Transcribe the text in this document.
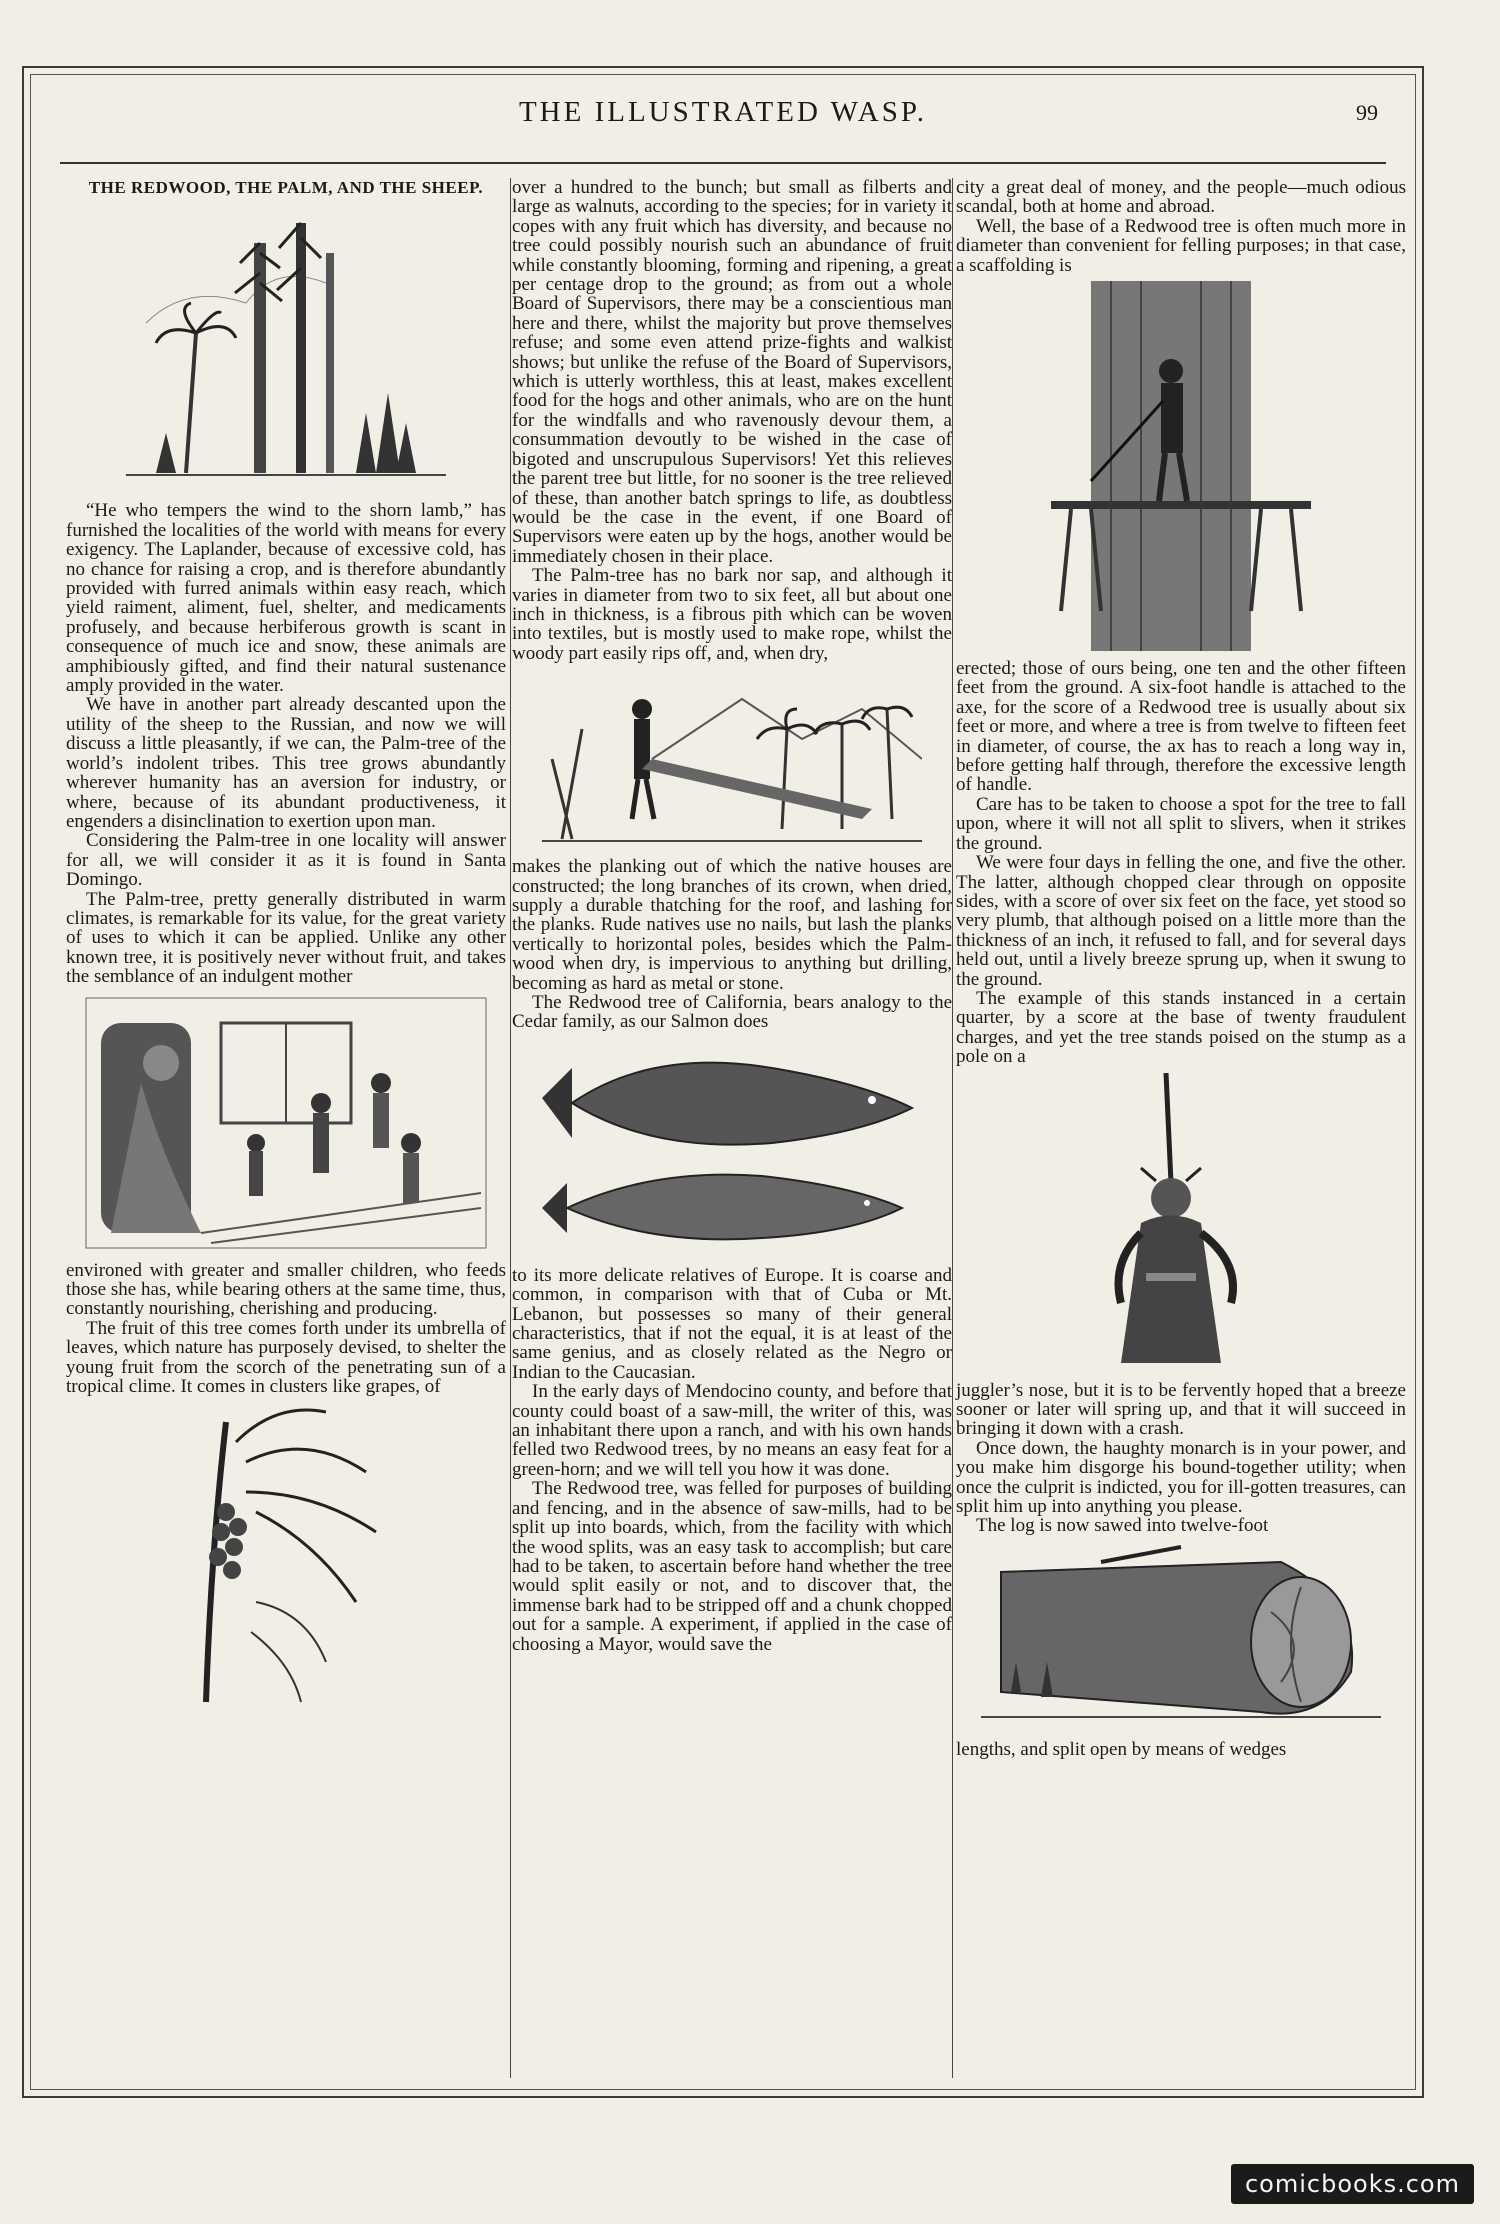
THE ILLUSTRATED WASP.	99
THE REDWOOD, THE PALM, AND THE SHEEP.

“He who tempers the wind to the shorn lamb,” has furnished the localities of the world with means for every exigency. The Laplander, because of excessive cold, has no chance for raising a crop, and is therefore abundantly provided with furred animals within easy reach, which yield raiment, aliment, fuel, shelter, and medicaments profusely, and because herbiferous growth is scant in consequence of much ice and snow, these animals are amphibiously gifted, and find their natural sustenance amply provided in the water.

We have in another part already descanted upon the utility of the sheep to the Russian, and now we will discuss a little pleasantly, if we can, the Palm-tree of the world’s indolent tribes. This tree grows abundantly wherever humanity has an aversion for industry, or where, because of its abundant productiveness, it engenders a disinclination to exertion upon man.

Considering the Palm-tree in one locality will answer for all, we will consider it as it is found in Santa Domingo.

The Palm-tree, pretty generally distributed in warm climates, is remarkable for its value, for the great variety of uses to which it can be applied. Unlike any other known tree, it is positively never without fruit, and takes the semblance of an indulgent mother

environed with greater and smaller children, who feeds those she has, while bearing others at the same time, thus, constantly nourishing, cherishing and producing.

The fruit of this tree comes forth under its umbrella of leaves, which nature has purposely devised, to shelter the young fruit from the scorch of the penetrating sun of a tropical clime. It comes in clusters like grapes, of

over a hundred to the bunch; but small as filberts and large as walnuts, according to the species; for in variety it copes with any fruit which has diversity, and because no tree could possibly nourish such an abundance of fruit while constantly blooming, forming and ripening, a great per centage drop to the ground; as from out a whole Board of Supervisors, there may be a conscientious man here and there, whilst the majority but prove themselves refuse; and some even attend prize-fights and walkist shows; but unlike the refuse of the Board of Supervisors, which is utterly worthless, this at least, makes excellent food for the hogs and other animals, who are on the hunt for the windfalls and who ravenously devour them, a consummation devoutly to be wished in the case of bigoted and unscrupulous Supervisors! Yet this relieves the parent tree but little, for no sooner is the tree relieved of these, than another batch springs to life, as doubtless would be the case in the event, if one Board of Supervisors were eaten up by the hogs, another would be immediately chosen in their place.

The Palm-tree has no bark nor sap, and although it varies in diameter from two to six feet, all but about one inch in thickness, is a fibrous pith which can be woven into textiles, but is mostly used to make rope, whilst the woody part easily rips off, and, when dry,

makes the planking out of which the native houses are constructed; the long branches of its crown, when dried, supply a durable thatching for the roof, and lashing for the planks. Rude natives use no nails, but lash the planks vertically to horizontal poles, besides which the Palm-wood when dry, is impervious to anything but drilling, becoming as hard as metal or stone.

The Redwood tree of California, bears analogy to the Cedar family, as our Salmon does

to its more delicate relatives of Europe. It is coarse and common, in comparison with that of Cuba or Mt. Lebanon, but possesses so many of their general characteristics, that if not the equal, it is at least of the same genius, and as closely related as the Negro or Indian to the Caucasian.

In the early days of Mendocino county, and before that county could boast of a saw-mill, the writer of this, was an inhabitant there upon a ranch, and with his own hands felled two Redwood trees, by no means an easy feat for a green-horn; and we will tell you how it was done.

The Redwood tree, was felled for purposes of building and fencing, and in the absence of saw-mills, had to be split up into boards, which, from the facility with which the wood splits, was an easy task to accomplish; but care had to be taken, to ascertain before hand whether the tree would split easily or not, and to discover that, the immense bark had to be stripped off and a chunk chopped out for a sample. A experiment, if applied in the case of choosing a Mayor, would save the

city a great deal of money, and the people—much odious scandal, both at home and abroad.

Well, the base of a Redwood tree is often much more in diameter than convenient for felling purposes; in that case, a scaffolding is

erected; those of ours being, one ten and the other fifteen feet from the ground. A six-foot handle is attached to the axe, for the score of a Redwood tree is usually about six feet or more, and where a tree is from twelve to fifteen feet in diameter, of course, the ax has to reach a long way in, before getting half through, therefore the excessive length of handle.

Care has to be taken to choose a spot for the tree to fall upon, where it will not all split to slivers, when it strikes the ground.

We were four days in felling the one, and five the other. The latter, although chopped clear through on opposite sides, with a score of over six feet on the face, yet stood so very plumb, that although poised on a little more than the thickness of an inch, it refused to fall, and for several days held out, until a lively breeze sprung up, when it swung to the ground.

The example of this stands instanced in a certain quarter, by a score at the base of twenty fraudulent charges, and yet the tree stands poised on the stump as a pole on a

juggler’s nose, but it is to be fervently hoped that a breeze sooner or later will spring up, and that it will succeed in bringing it down with a crash.

Once down, the haughty monarch is in your power, and you make him disgorge his bound-together utility; when once the culprit is indicted, you for ill-gotten treasures, can split him up into anything you please.

The log is now sawed into twelve-foot

lengths, and split open by means of wedges

comicbooks.com
